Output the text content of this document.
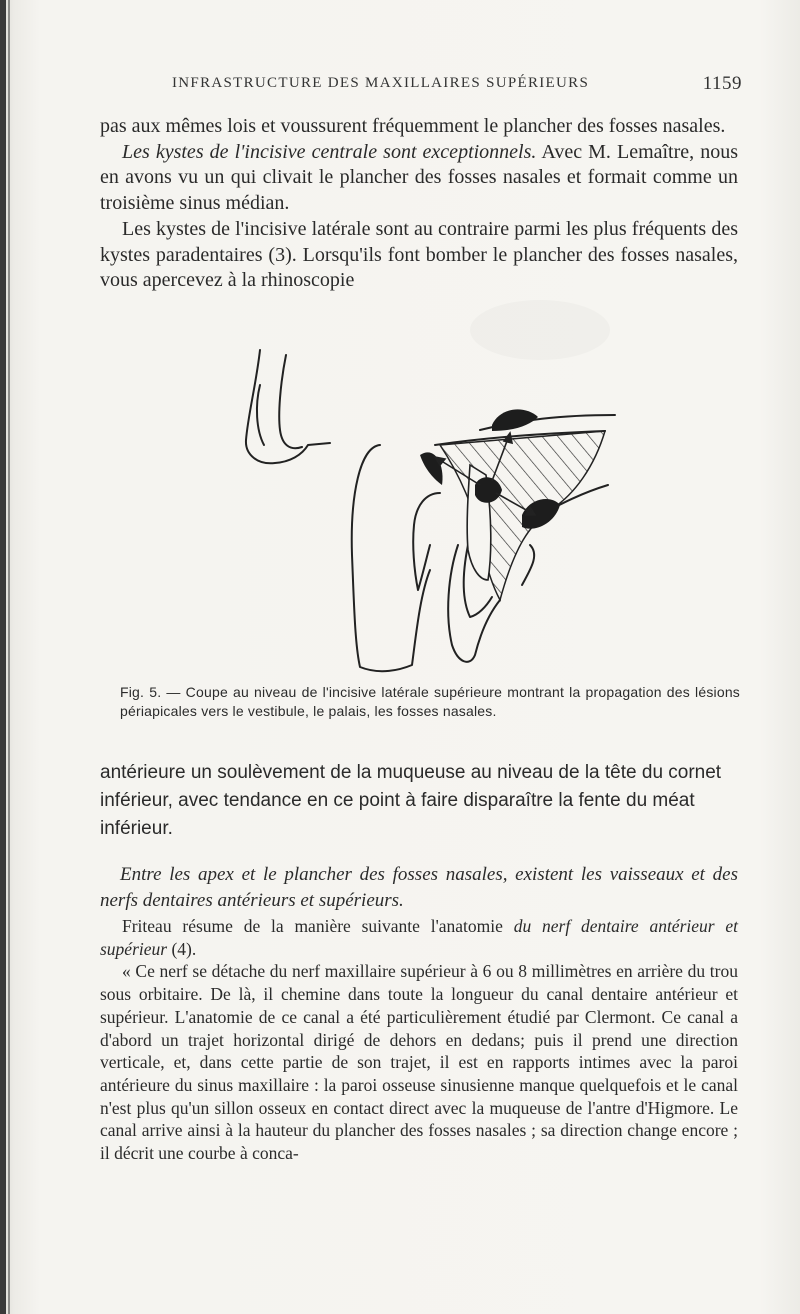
INFRASTRUCTURE DES MAXILLAIRES SUPÉRIEURS	1159

pas aux mêmes lois et voussurent fréquemment le plancher des fosses nasales.

Les kystes de l'incisive centrale sont exceptionnels. Avec M. Lemaître, nous en avons vu un qui clivait le plancher des fosses nasales et formait comme un troisième sinus médian.

Les kystes de l'incisive latérale sont au contraire parmi les plus fréquents des kystes paradentaires (3). Lorsqu'ils font bomber le plancher des fosses nasales, vous apercevez à la rhinoscopie

Fig. 5. — Coupe au niveau de l'incisive latérale supérieure montrant la propagation des lésions périapicales vers le vestibule, le palais, les fosses nasales.

antérieure un soulèvement de la muqueuse au niveau de la tête du cornet inférieur, avec tendance en ce point à faire disparaître la fente du méat inférieur.

Entre les apex et le plancher des fosses nasales, existent les vaisseaux et des nerfs dentaires antérieurs et supérieurs.

Friteau résume de la manière suivante l'anatomie du nerf dentaire antérieur et supérieur (4).

« Ce nerf se détache du nerf maxillaire supérieur à 6 ou 8 millimètres en arrière du trou sous orbitaire. De là, il chemine dans toute la longueur du canal dentaire antérieur et supérieur. L'anatomie de ce canal a été particulièrement étudié par Clermont. Ce canal a d'abord un trajet horizontal dirigé de dehors en dedans; puis il prend une direction verticale, et, dans cette partie de son trajet, il est en rapports intimes avec la paroi antérieure du sinus maxillaire : la paroi osseuse sinusienne manque quelquefois et le canal n'est plus qu'un sillon osseux en contact direct avec la muqueuse de l'antre d'Higmore. Le canal arrive ainsi à la hauteur du plancher des fosses nasales ; sa direction change encore ; il décrit une courbe à conca-
